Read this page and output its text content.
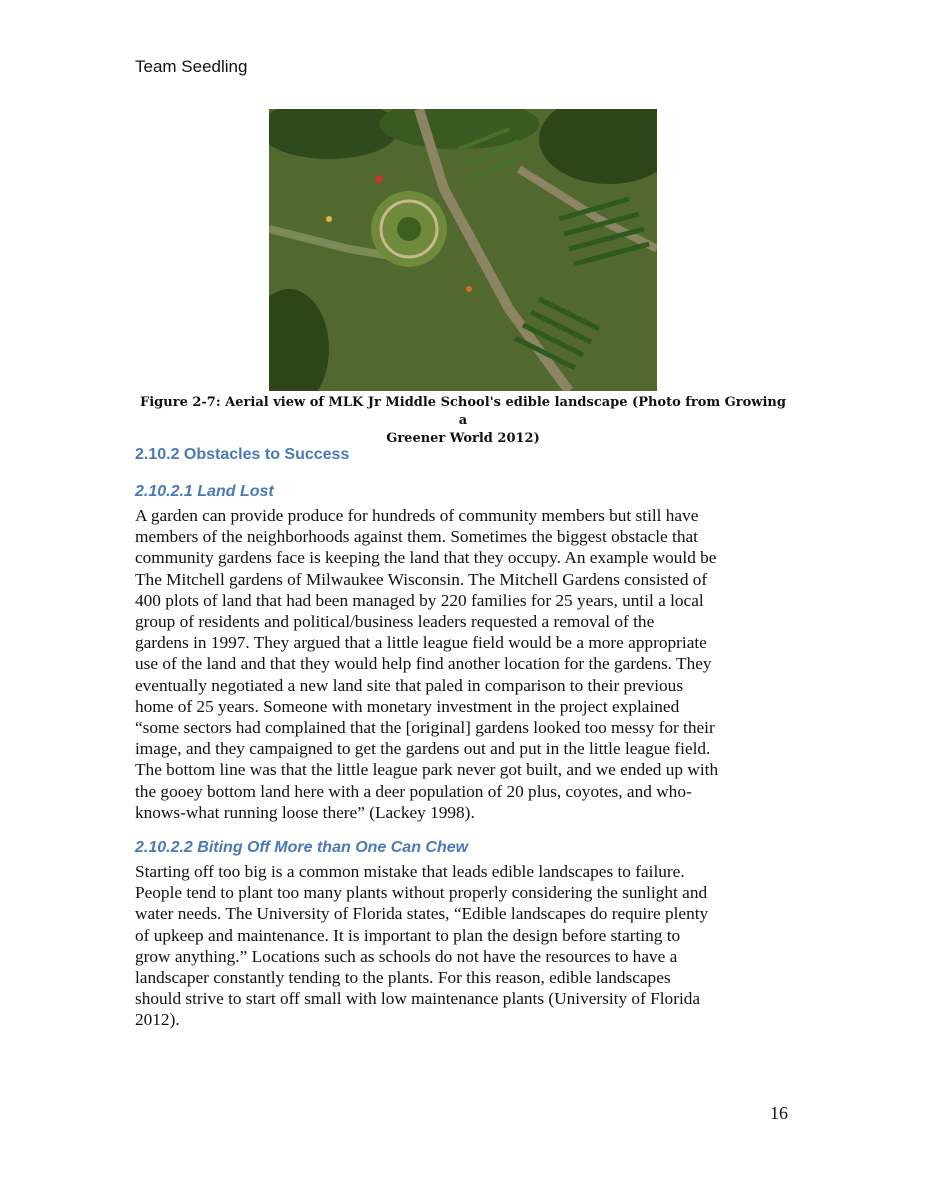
Team Seedling
Figure 2-7: Aerial view of MLK Jr Middle School's edible landscape (Photo from Growing a
Greener World 2012)
2.10.2 Obstacles to Success
2.10.2.1 Land Lost
A garden can provide produce for hundreds of community members but still have
members of the neighborhoods against them. Sometimes the biggest obstacle that
community gardens face is keeping the land that they occupy. An example would be
The Mitchell gardens of Milwaukee Wisconsin. The Mitchell Gardens consisted of
400 plots of land that had been managed by 220 families for 25 years, until a local
group of residents and political/business leaders requested a removal of the
gardens in 1997. They argued that a little league field would be a more appropriate
use of the land and that they would help find another location for the gardens. They
eventually negotiated a new land site that paled in comparison to their previous
home of 25 years. Someone with monetary investment in the project explained
“some sectors had complained that the [original] gardens looked too messy for their
image, and they campaigned to get the gardens out and put in the little league field.
The bottom line was that the little league park never got built, and we ended up with
the gooey bottom land here with a deer population of 20 plus, coyotes, and who-
knows-what running loose there” (Lackey 1998).
2.10.2.2 Biting Off More than One Can Chew
Starting off too big is a common mistake that leads edible landscapes to failure.
People tend to plant too many plants without properly considering the sunlight and
water needs. The University of Florida states, “Edible landscapes do require plenty
of upkeep and maintenance. It is important to plan the design before starting to
grow anything.” Locations such as schools do not have the resources to have a
landscaper constantly tending to the plants. For this reason, edible landscapes
should strive to start off small with low maintenance plants (University of Florida
2012).
16
